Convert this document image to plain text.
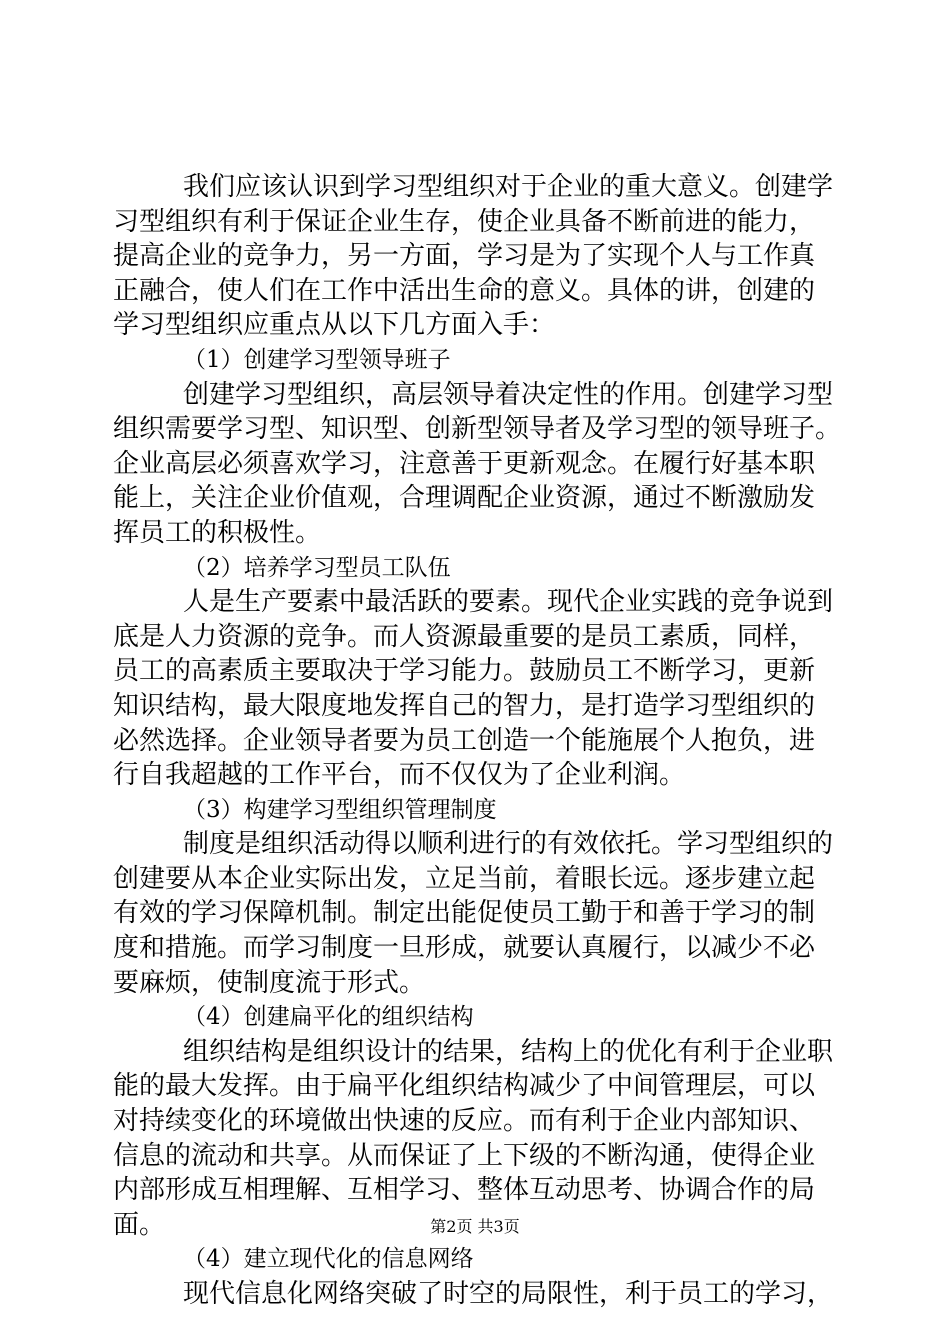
我们应该认识到学习型组织对于企业的重大意义。创建学
习型组织有利于保证企业生存，使企业具备不断前进的能力，
提高企业的竞争力，另一方面，学习是为了实现个人与工作真
正融合，使人们在工作中活出生命的意义。具体的讲，创建的
学习型组织应重点从以下几方面入手：
（1）创建学习型领导班子
创建学习型组织，高层领导着决定性的作用。创建学习型
组织需要学习型、知识型、创新型领导者及学习型的领导班子。
企业高层必须喜欢学习，注意善于更新观念。在履行好基本职
能上，关注企业价值观，合理调配企业资源，通过不断激励发
挥员工的积极性。
（2）培养学习型员工队伍
人是生产要素中最活跃的要素。现代企业实践的竞争说到
底是人力资源的竞争。而人资源最重要的是员工素质，同样，
员工的高素质主要取决于学习能力。鼓励员工不断学习，更新
知识结构，最大限度地发挥自己的智力，是打造学习型组织的
必然选择。企业领导者要为员工创造一个能施展个人抱负，进
行自我超越的工作平台，而不仅仅为了企业利润。
（3）构建学习型组织管理制度
制度是组织活动得以顺利进行的有效依托。学习型组织的
创建要从本企业实际出发，立足当前，着眼长远。逐步建立起
有效的学习保障机制。制定出能促使员工勤于和善于学习的制
度和措施。而学习制度一旦形成，就要认真履行，以减少不必
要麻烦，使制度流于形式。
（4）创建扁平化的组织结构
组织结构是组织设计的结果，结构上的优化有利于企业职
能的最大发挥。由于扁平化组织结构减少了中间管理层，可以
对持续变化的环境做出快速的反应。而有利于企业内部知识、
信息的流动和共享。从而保证了上下级的不断沟通，使得企业
内部形成互相理解、互相学习、整体互动思考、协调合作的局
面。
（4）建立现代化的信息网络
现代信息化网络突破了时空的局限性，利于员工的学习，
第2页 共3页
